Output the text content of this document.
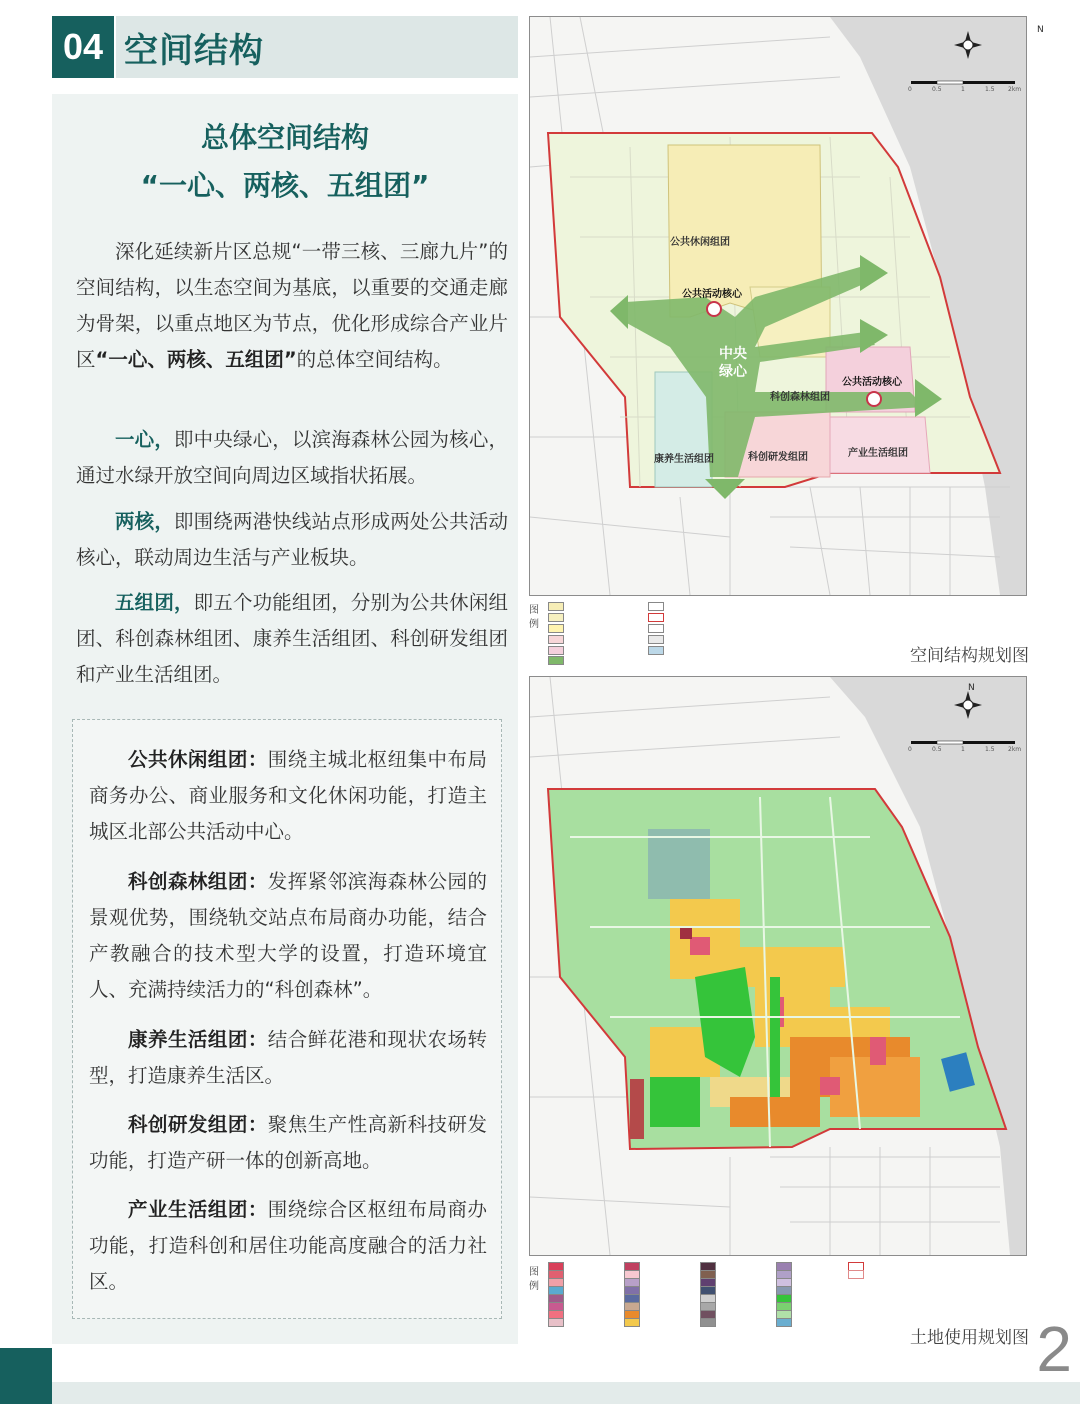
04 空间结构
总体空间结构
“一心、两核、五组团”

深化延续新片区总规“一带三核、三廊九片”的空间结构，以生态空间为基底，以重要的交通走廊为骨架，以重点地区为节点，优化形成综合产业片区“一心、两核、五组团”的总体空间结构。

一心，即中央绿心，以滨海森林公园为核心，通过水绿开放空间向周边区域指状拓展。

两核，即围绕两港快线站点形成两处公共活动核心，联动周边生活与产业板块。

五组团，即五个功能组团，分别为公共休闲组团、科创森林组团、康养生活组团、科创研发组团和产业生活组团。

公共休闲组团：围绕主城北枢纽集中布局商务办公、商业服务和文化休闲功能，打造主城区北部公共活动中心。

科创森林组团：发挥紧邻滨海森林公园的景观优势，围绕轨交站点布局商办功能，结合产教融合的技术型大学的设置，打造环境宜人、充满持续活力的“科创森林”。

康养生活组团：结合鲜花港和现状农场转型，打造康养生活区。

科创研发组团：聚焦生产性高新科技研发功能，打造产研一体的创新高地。

产业生活组团：围绕综合区枢纽布局商办功能，打造科创和居住功能高度融合的活力社区。

N
0	0.5	1	1.5 2km
公共休闲组团
公共活动核心
中央绿心
科创森林组团
公共活动核心
康养生活组团	科创研发组团	产业生活组团
图例
空间结构规划图
N
0	0.5	1	1.5 2km
图例
土地使用规划图 2
